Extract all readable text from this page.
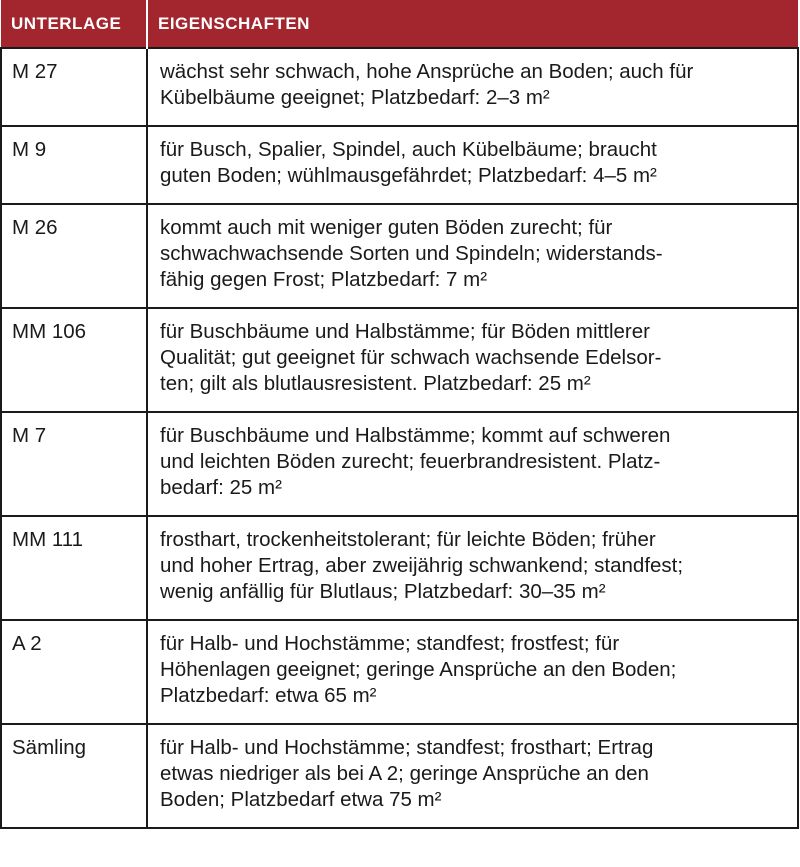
UNTERLAGE	EIGENSCHAFTEN
M 27	wächst sehr schwach, hohe Ansprüche an Boden; auch für
Kübelbäume geeignet; Platzbedarf: 2–3 m²

M 9	für Busch, Spalier, Spindel, auch Kübelbäume; braucht
guten Boden; wühlmausgefährdet; Platzbedarf: 4–5 m²

M 26	kommt auch mit weniger guten Böden zurecht; für
schwachwachsende Sorten und Spindeln; widerstands-
fähig gegen Frost; Platzbedarf: 7 m²

MM 106	für Buschbäume und Halbstämme; für Böden mittlerer
Qualität; gut geeignet für schwach wachsende Edelsor-
ten; gilt als blutlausresistent. Platzbedarf: 25 m²

M 7	für Buschbäume und Halbstämme; kommt auf schweren
und leichten Böden zurecht; feuerbrandresistent. Platz-
bedarf: 25 m²

MM 111	frosthart, trockenheitstolerant; für leichte Böden; früher
und hoher Ertrag, aber zweijährig schwankend; standfest;
wenig anfällig für Blutlaus; Platzbedarf: 30–35 m²

A 2	für Halb- und Hochstämme; standfest; frostfest; für
Höhenlagen geeignet; geringe Ansprüche an den Boden;
Platzbedarf: etwa 65 m²

Sämling	für Halb- und Hochstämme; standfest; frosthart; Ertrag
etwas niedriger als bei A 2; geringe Ansprüche an den
Boden; Platzbedarf etwa 75 m²
